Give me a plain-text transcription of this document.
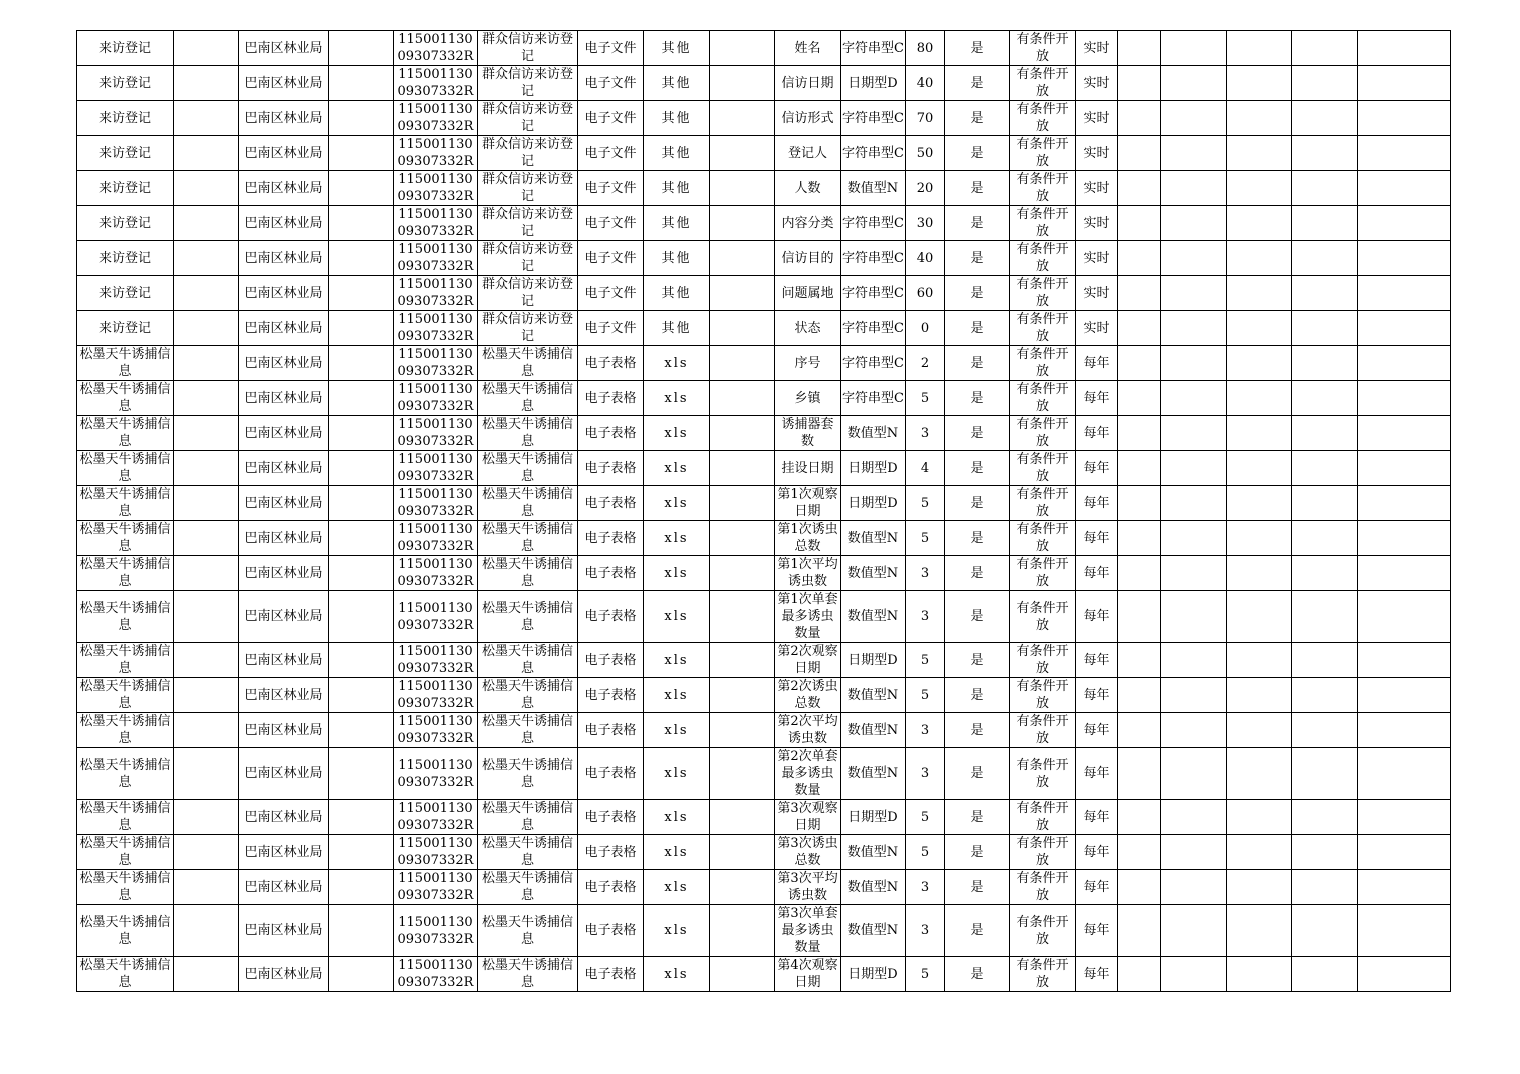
来访登记		巴南区林业局		11500113009307332R	群众信访来访登记	电子文件	其他		姓名	字符串型C	80	是	有条件开放	实时					
来访登记		巴南区林业局		11500113009307332R	群众信访来访登记	电子文件	其他		信访日期	日期型D	40	是	有条件开放	实时					
来访登记		巴南区林业局		11500113009307332R	群众信访来访登记	电子文件	其他		信访形式	字符串型C	70	是	有条件开放	实时					
来访登记		巴南区林业局		11500113009307332R	群众信访来访登记	电子文件	其他		登记人	字符串型C	50	是	有条件开放	实时					
来访登记		巴南区林业局		11500113009307332R	群众信访来访登记	电子文件	其他		人数	数值型N	20	是	有条件开放	实时					
来访登记		巴南区林业局		11500113009307332R	群众信访来访登记	电子文件	其他		内容分类	字符串型C	30	是	有条件开放	实时					
来访登记		巴南区林业局		11500113009307332R	群众信访来访登记	电子文件	其他		信访目的	字符串型C	40	是	有条件开放	实时					
来访登记		巴南区林业局		11500113009307332R	群众信访来访登记	电子文件	其他		问题属地	字符串型C	60	是	有条件开放	实时					
来访登记		巴南区林业局		11500113009307332R	群众信访来访登记	电子文件	其他		状态	字符串型C	0	是	有条件开放	实时					
松墨天牛诱捕信息		巴南区林业局		11500113009307332R	松墨天牛诱捕信息	电子表格	xls		序号	字符串型C	2	是	有条件开放	每年					
松墨天牛诱捕信息		巴南区林业局		11500113009307332R	松墨天牛诱捕信息	电子表格	xls		乡镇	字符串型C	5	是	有条件开放	每年					
松墨天牛诱捕信息		巴南区林业局		11500113009307332R	松墨天牛诱捕信息	电子表格	xls		诱捕器套数	数值型N	3	是	有条件开放	每年					
松墨天牛诱捕信息		巴南区林业局		11500113009307332R	松墨天牛诱捕信息	电子表格	xls		挂设日期	日期型D	4	是	有条件开放	每年					
松墨天牛诱捕信息		巴南区林业局		11500113009307332R	松墨天牛诱捕信息	电子表格	xls		第1次观察日期	日期型D	5	是	有条件开放	每年					
松墨天牛诱捕信息		巴南区林业局		11500113009307332R	松墨天牛诱捕信息	电子表格	xls		第1次诱虫总数	数值型N	5	是	有条件开放	每年					
松墨天牛诱捕信息		巴南区林业局		11500113009307332R	松墨天牛诱捕信息	电子表格	xls		第1次平均诱虫数	数值型N	3	是	有条件开放	每年					
松墨天牛诱捕信息		巴南区林业局		11500113009307332R	松墨天牛诱捕信息	电子表格	xls		第1次单套最多诱虫数量	数值型N	3	是	有条件开放	每年					
松墨天牛诱捕信息		巴南区林业局		11500113009307332R	松墨天牛诱捕信息	电子表格	xls		第2次观察日期	日期型D	5	是	有条件开放	每年					
松墨天牛诱捕信息		巴南区林业局		11500113009307332R	松墨天牛诱捕信息	电子表格	xls		第2次诱虫总数	数值型N	5	是	有条件开放	每年					
松墨天牛诱捕信息		巴南区林业局		11500113009307332R	松墨天牛诱捕信息	电子表格	xls		第2次平均诱虫数	数值型N	3	是	有条件开放	每年					
松墨天牛诱捕信息		巴南区林业局		11500113009307332R	松墨天牛诱捕信息	电子表格	xls		第2次单套最多诱虫数量	数值型N	3	是	有条件开放	每年					
松墨天牛诱捕信息		巴南区林业局		11500113009307332R	松墨天牛诱捕信息	电子表格	xls		第3次观察日期	日期型D	5	是	有条件开放	每年					
松墨天牛诱捕信息		巴南区林业局		11500113009307332R	松墨天牛诱捕信息	电子表格	xls		第3次诱虫总数	数值型N	5	是	有条件开放	每年					
松墨天牛诱捕信息		巴南区林业局		11500113009307332R	松墨天牛诱捕信息	电子表格	xls		第3次平均诱虫数	数值型N	3	是	有条件开放	每年					
松墨天牛诱捕信息		巴南区林业局		11500113009307332R	松墨天牛诱捕信息	电子表格	xls		第3次单套最多诱虫数量	数值型N	3	是	有条件开放	每年					
松墨天牛诱捕信息		巴南区林业局		11500113009307332R	松墨天牛诱捕信息	电子表格	xls		第4次观察日期	日期型D	5	是	有条件开放	每年					
